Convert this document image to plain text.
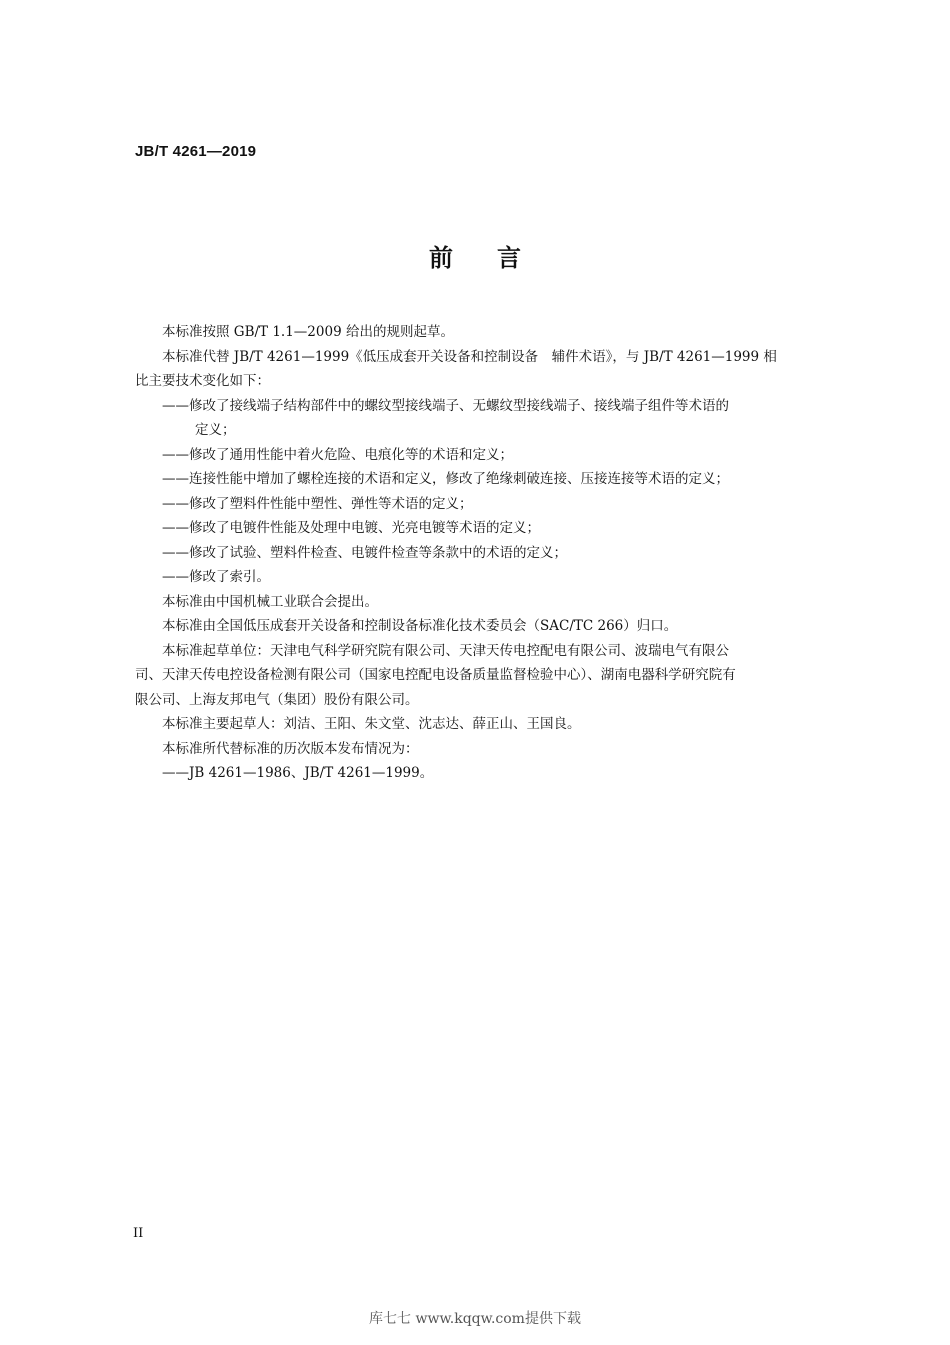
JB/T 4261—2019
前 言

本标准按照 GB/T 1.1—2009 给出的规则起草。

本标准代替 JB/T 4261—1999《低压成套开关设备和控制设备　辅件术语》，与 JB/T 4261—1999 相

比主要技术变化如下：

——修改了接线端子结构部件中的螺纹型接线端子、无螺纹型接线端子、接线端子组件等术语的

定义；

——修改了通用性能中着火危险、电痕化等的术语和定义；

——连接性能中增加了螺栓连接的术语和定义，修改了绝缘刺破连接、压接连接等术语的定义；

——修改了塑料件性能中塑性、弹性等术语的定义；

——修改了电镀件性能及处理中电镀、光亮电镀等术语的定义；

——修改了试验、塑料件检查、电镀件检查等条款中的术语的定义；

——修改了索引。

本标准由中国机械工业联合会提出。

本标准由全国低压成套开关设备和控制设备标准化技术委员会（SAC/TC 266）归口。

本标准起草单位：天津电气科学研究院有限公司、天津天传电控配电有限公司、波瑞电气有限公

司、天津天传电控设备检测有限公司（国家电控配电设备质量监督检验中心）、湖南电器科学研究院有

限公司、上海友邦电气（集团）股份有限公司。

本标准主要起草人：刘洁、王阳、朱文堂、沈志达、薛正山、王国良。

本标准所代替标准的历次版本发布情况为：

——JB 4261—1986、JB/T 4261—1999。

II
库七七 www.kqqw.com提供下载
